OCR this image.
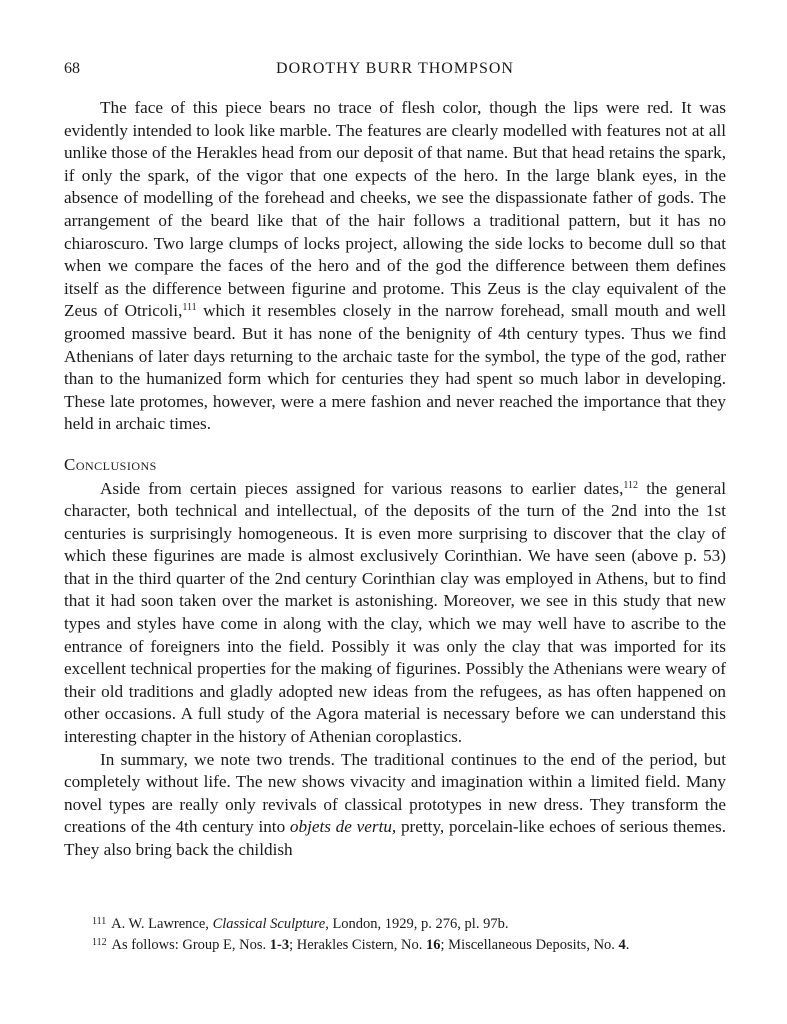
68	DOROTHY BURR THOMPSON

The face of this piece bears no trace of flesh color, though the lips were red. It was evidently intended to look like marble. The features are clearly modelled with features not at all unlike those of the Herakles head from our deposit of that name. But that head retains the spark, if only the spark, of the vigor that one expects of the hero. In the large blank eyes, in the absence of modelling of the forehead and cheeks, we see the dispassionate father of gods. The arrangement of the beard like that of the hair follows a traditional pattern, but it has no chiaroscuro. Two large clumps of locks project, allowing the side locks to become dull so that when we compare the faces of the hero and of the god the difference between them defines itself as the difference between figurine and protome. This Zeus is the clay equivalent of the Zeus of Otricoli,$^{111}$ which it resembles closely in the narrow forehead, small mouth and well groomed massive beard. But it has none of the benignity of 4th century types. Thus we find Athenians of later days returning to the archaic taste for the symbol, the type of the god, rather than to the humanized form which for centuries they had spent so much labor in developing. These late protomes, however, were a mere fashion and never reached the importance that they held in archaic times.

Conclusions

Aside from certain pieces assigned for various reasons to earlier dates,$^{112}$ the general character, both technical and intellectual, of the deposits of the turn of the 2nd into the 1st centuries is surprisingly homogeneous. It is even more surprising to discover that the clay of which these figurines are made is almost exclusively Corinthian. We have seen (above p. 53) that in the third quarter of the 2nd century Corinthian clay was employed in Athens, but to find that it had soon taken over the market is astonishing. Moreover, we see in this study that new types and styles have come in along with the clay, which we may well have to ascribe to the entrance of foreigners into the field. Possibly it was only the clay that was imported for its excellent technical properties for the making of figurines. Possibly the Athenians were weary of their old traditions and gladly adopted new ideas from the refugees, as has often happened on other occasions. A full study of the Agora material is necessary before we can understand this interesting chapter in the history of Athenian coroplastics.

In summary, we note two trends. The traditional continues to the end of the period, but completely without life. The new shows vivacity and imagination within a limited field. Many novel types are really only revivals of classical prototypes in new dress. They transform the creations of the 4th century into objets de vertu, pretty, porcelain-like echoes of serious themes. They also bring back the childish

$^{111}$ A. W. Lawrence, Classical Sculpture, London, 1929, p. 276, pl. 97b.

$^{112}$ As follows: Group E, Nos. 1-3; Herakles Cistern, No. 16; Miscellaneous Deposits, No. 4.
